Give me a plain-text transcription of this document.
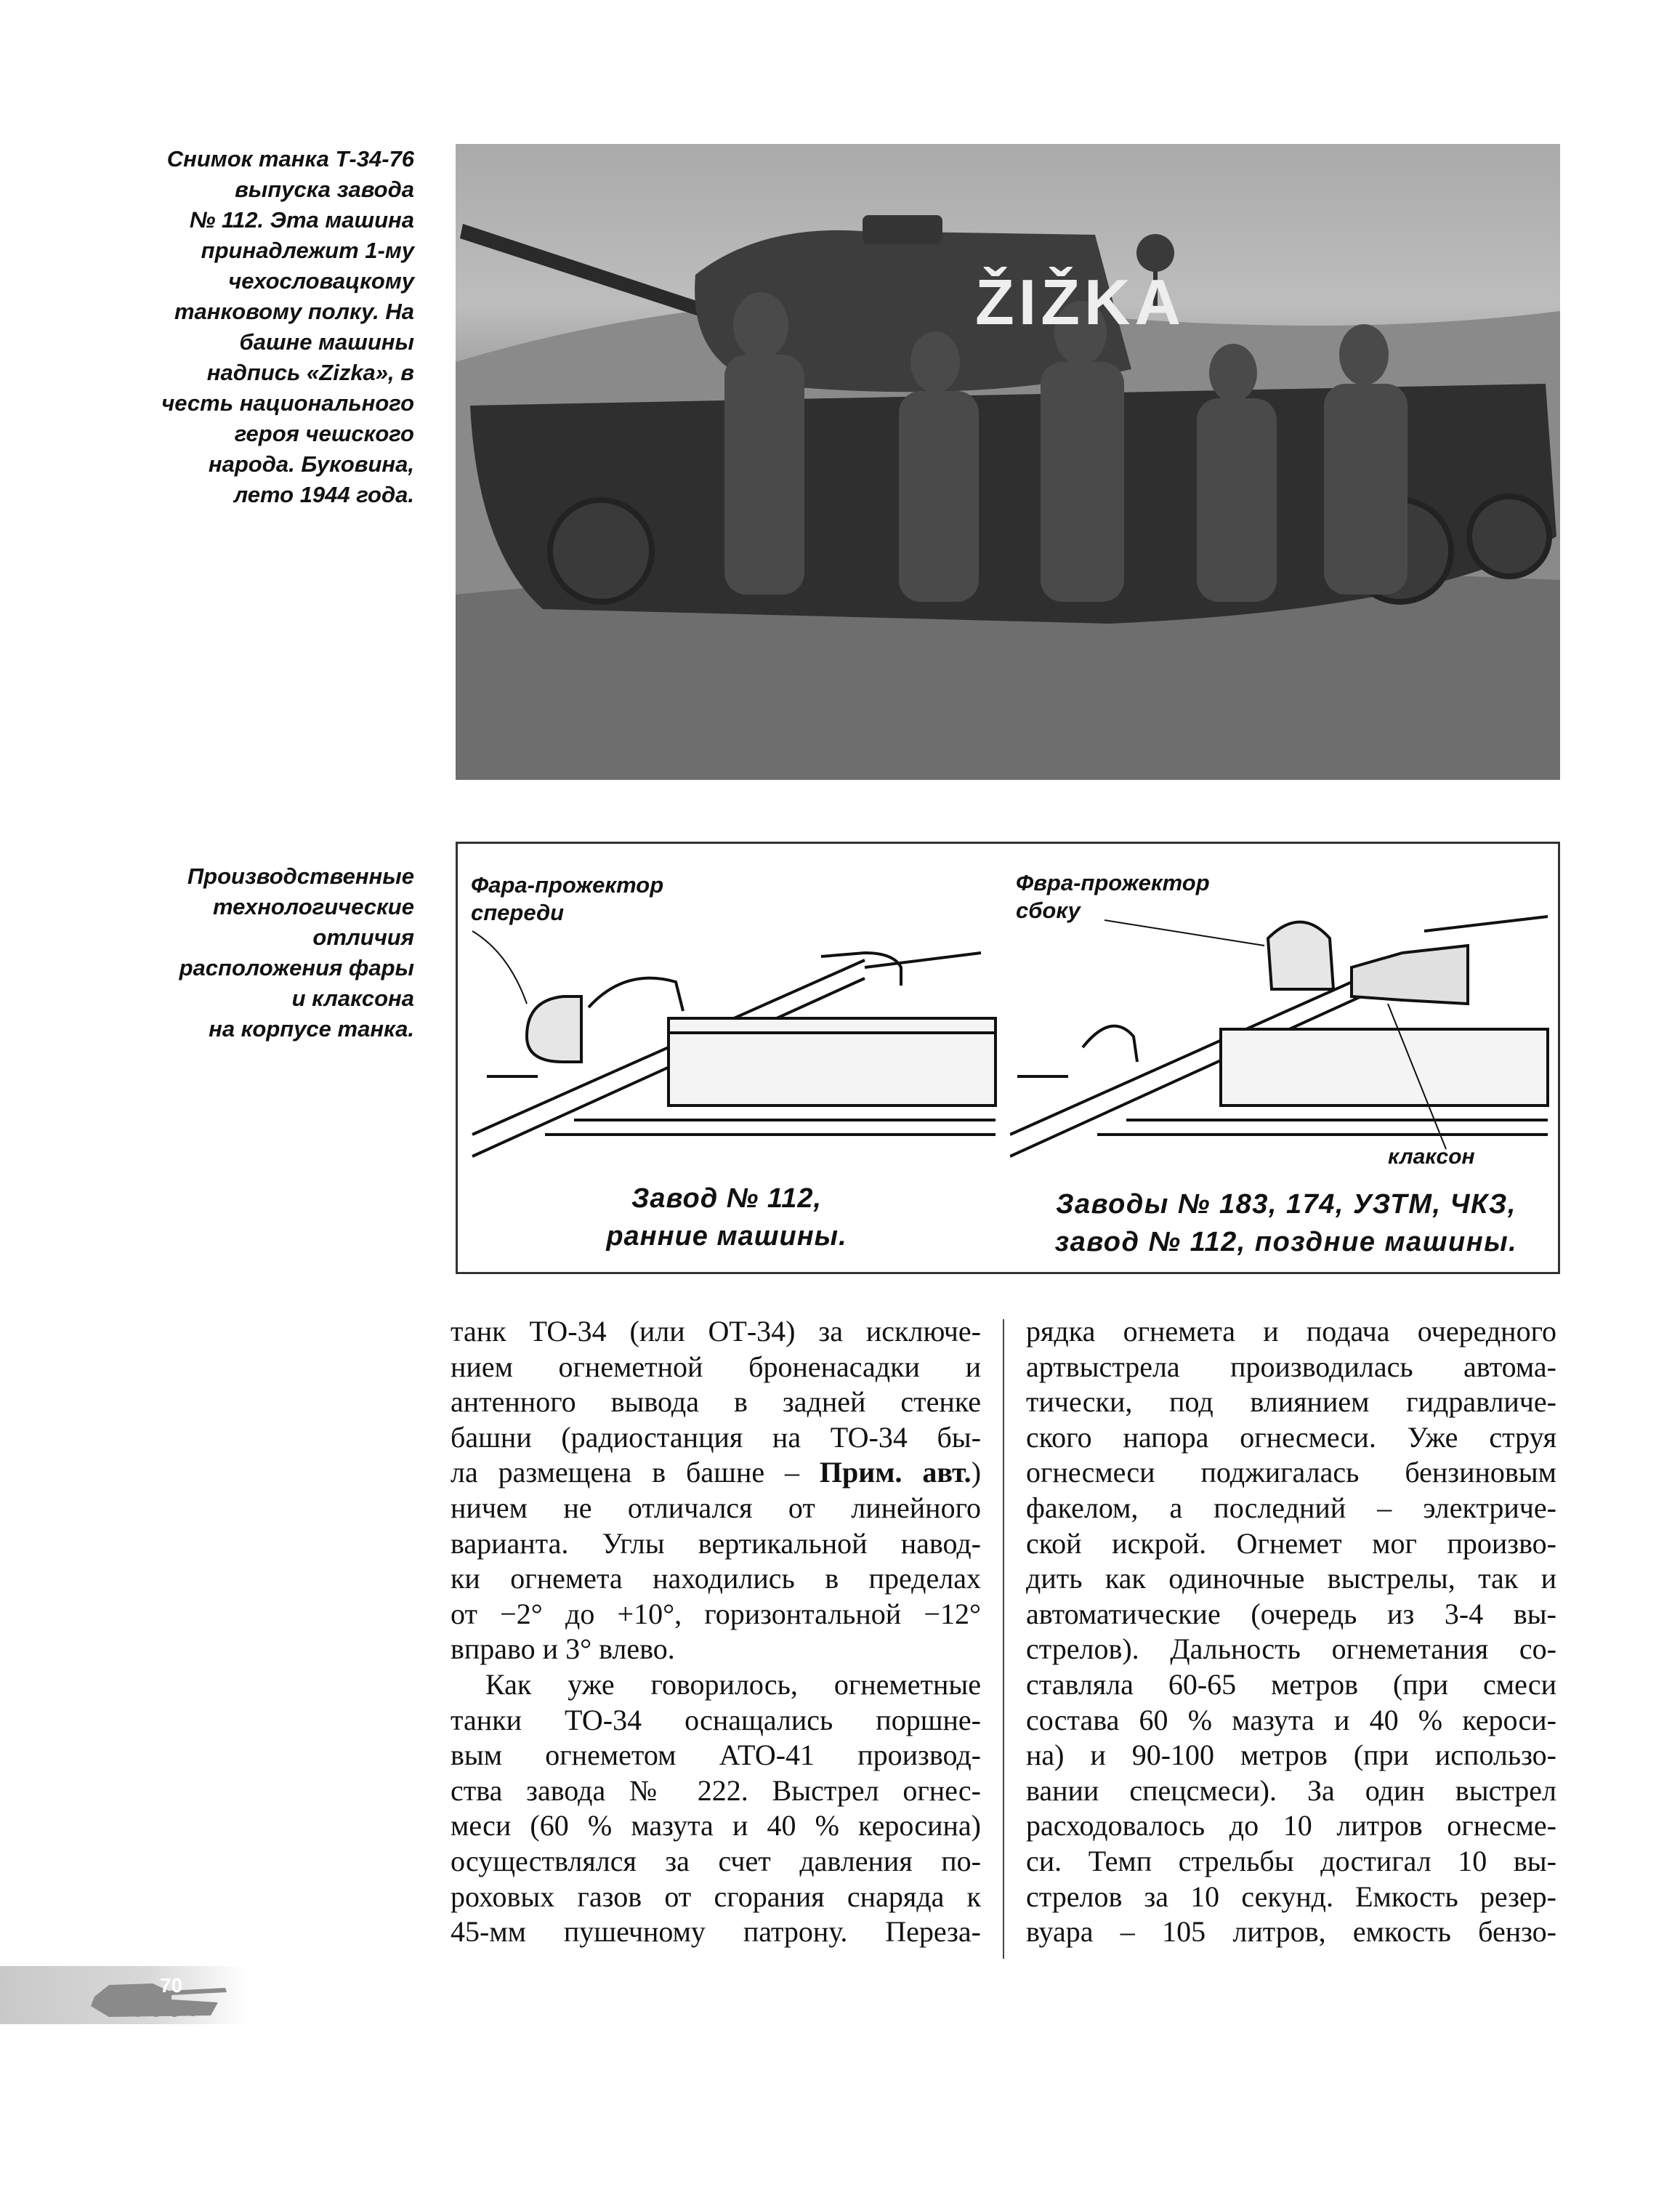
Снимок танка Т-34-76
выпуска завода
№ 112. Эта машина
принадлежит 1-му
чехословацкому
танковому полку. На
башне машины
надпись «Zizka», в
честь национального
героя чешского
народа. Буковина,
лето 1944 года.
ŽIŽKA
Производственные
технологические
отличия
расположения фары
и клаксона
на корпусе танка.
Фара-прожектор
спереди
Завод № 112,
ранние машины.
Фвра-прожектор
сбоку
клаксон
Заводы № 183, 174, УЗТМ, ЧКЗ,
завод № 112, поздние машины.
танк ТО-34 (или ОТ-34) за исключе-
нием огнеметной броненасадки и
антенного вывода в задней стенке
башни (радиостанция на ТО-34 бы-
ла размещена в башне – Прим. авт.)
ничем не отличался от линейного
варианта. Углы вертикальной навод-
ки огнемета находились в пределах
от −2° до +10°, горизонтальной −12°
вправо и 3° влево.
Как уже говорилось, огнеметные
танки ТО-34 оснащались поршне-
вым огнеметом АТО-41 производ-
ства завода № 222. Выстрел огнес-
меси (60 % мазута и 40 % керосина)
осуществлялся за счет давления по-
роховых газов от сгорания снаряда к
45-мм пушечному патрону. Переза-
рядка огнемета и подача очередного
артвыстрела производилась автома-
тически, под влиянием гидравличе-
ского напора огнесмеси. Уже струя
огнесмеси поджигалась бензиновым
факелом, а последний – электриче-
ской искрой. Огнемет мог произво-
дить как одиночные выстрелы, так и
автоматические (очередь из 3-4 вы-
стрелов). Дальность огнеметания со-
ставляла 60-65 метров (при смеси
состава 60 % мазута и 40 % кероси-
на) и 90-100 метров (при использо-
вании спецсмеси). За один выстрел
расходовалось до 10 литров огнесме-
си. Темп стрельбы достигал 10 вы-
стрелов за 10 секунд. Емкость резер-
вуара – 105 литров, емкость бензо-
70
